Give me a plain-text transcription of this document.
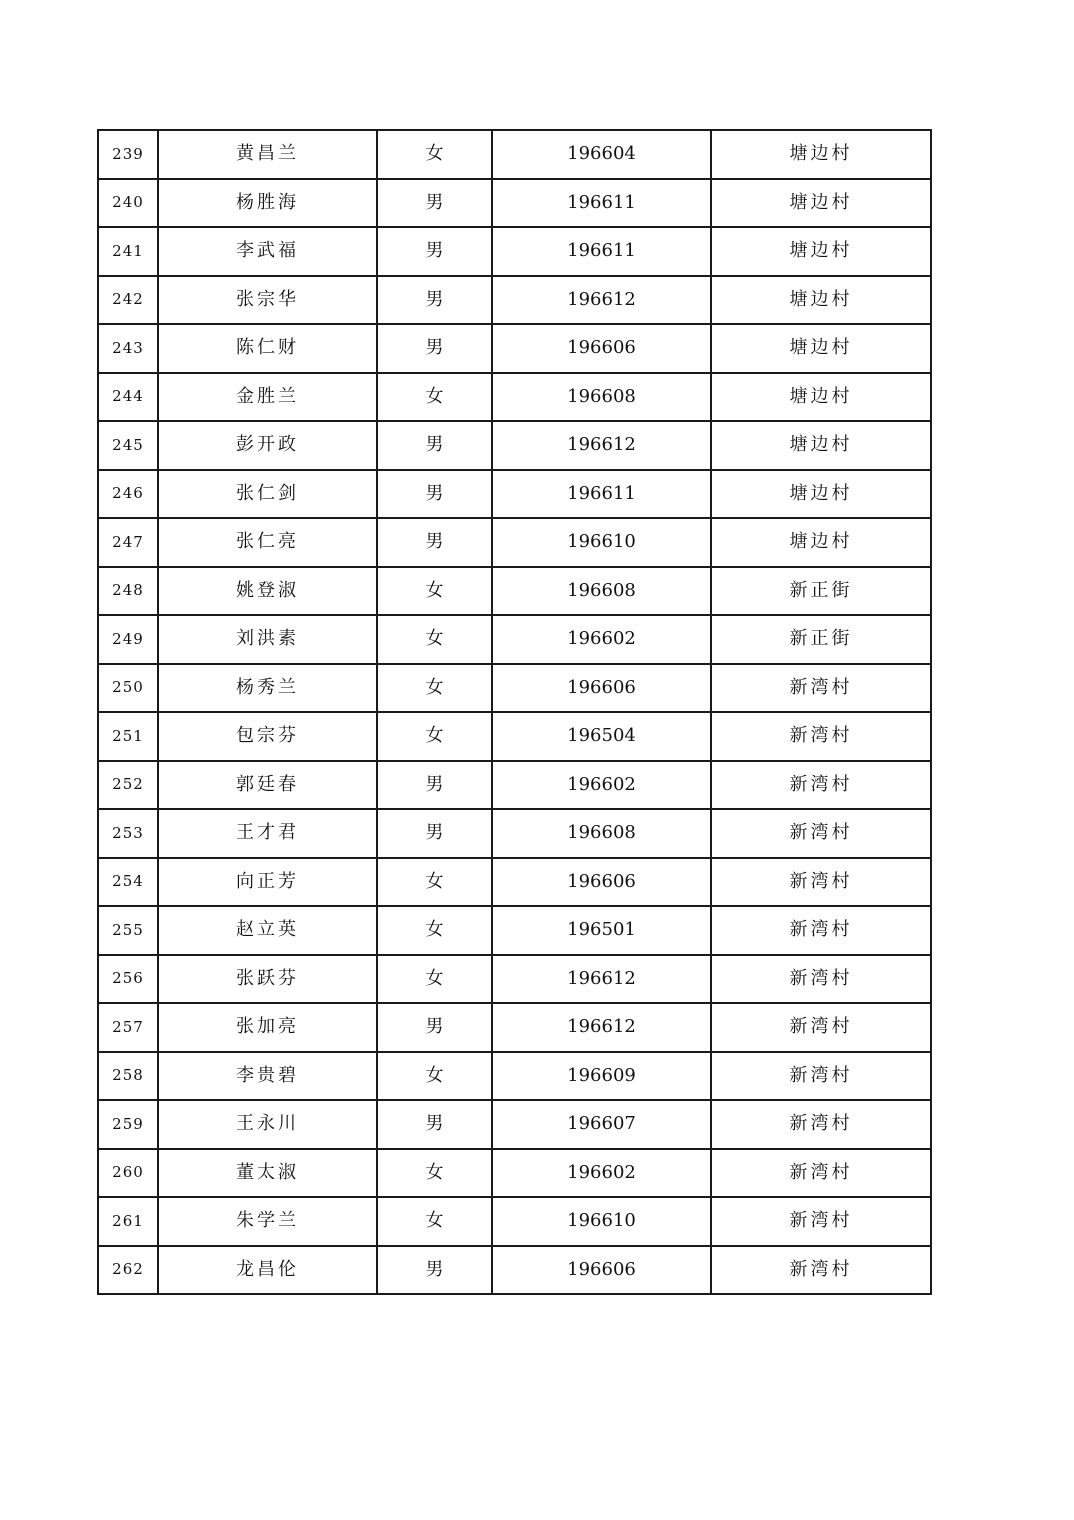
239	黄昌兰	女	196604	塘边村
240	杨胜海	男	196611	塘边村
241	李武福	男	196611	塘边村
242	张宗华	男	196612	塘边村
243	陈仁财	男	196606	塘边村
244	金胜兰	女	196608	塘边村
245	彭开政	男	196612	塘边村
246	张仁剑	男	196611	塘边村
247	张仁亮	男	196610	塘边村
248	姚登淑	女	196608	新正街
249	刘洪素	女	196602	新正街
250	杨秀兰	女	196606	新湾村
251	包宗芬	女	196504	新湾村
252	郭廷春	男	196602	新湾村
253	王才君	男	196608	新湾村
254	向正芳	女	196606	新湾村
255	赵立英	女	196501	新湾村
256	张跃芬	女	196612	新湾村
257	张加亮	男	196612	新湾村
258	李贵碧	女	196609	新湾村
259	王永川	男	196607	新湾村
260	董太淑	女	196602	新湾村
261	朱学兰	女	196610	新湾村
262	龙昌伦	男	196606	新湾村
